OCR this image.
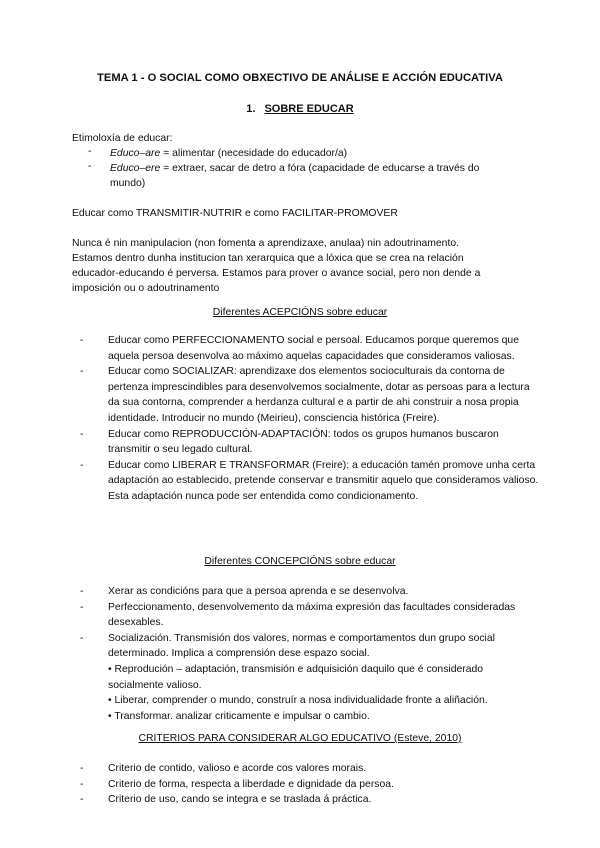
TEMA 1 - O SOCIAL COMO OBXECTIVO DE ANÁLISE E ACCIÓN EDUCATIVA
1. SOBRE EDUCAR
Etimoloxía de educar:
- Educo–are = alimentar (necesidade do educador/a)
- Educo–ere = extraer, sacar de detro a fóra (capacidade de educarse a través do
mundo)
Educar como TRANSMITIR-NUTRIR e como FACILITAR-PROMOVER
Nunca é nin manipulacion (non fomenta a aprendizaxe, anulaa) nin adoutrinamento.
Estamos dentro dunha institucion tan xerarquica que a lóxica que se crea na relación
educador-educando é perversa. Estamos para prover o avance social, pero non dende a
imposición ou o adoutrinamento
Diferentes ACEPCIÓNS sobre educar
- Educar como PERFECCIONAMENTO social e persoal. Educamos porque queremos que aquela persoa desenvolva ao máximo aquelas capacidades que consideramos valiosas.
- Educar como SOCIALIZAR: aprendizaxe dos elementos socioculturais da contorna de pertenza imprescindibles para desenvolvemos socialmente, dotar as persoas para a lectura da sua contorna, comprender a herdanza cultural e a partir de ahi construir a nosa propia identidade. Introducir no mundo (Meirieu), consciencia histórica (Freire).
- Educar como REPRODUCCIÓN-ADAPTACIÓN: todos os grupos humanos buscaron transmitir o seu legado cultural.
- Educar como LIBERAR E TRANSFORMAR (Freire): a educación tamén promove unha certa adaptación ao establecido, pretende conservar e transmitir aquelo que consideramos valioso. Esta adaptación nunca pode ser entendida como condicionamento.
Diferentes CONCEPCIÓNS sobre educar
- Xerar as condicións para que a persoa aprenda e se desenvolva.
- Perfeccionamento, desenvolvemento da máxima expresión das facultades consideradas desexables.
- Socialización. Transmisión dos valores, normas e comportamentos dun grupo social determinado. Implica a comprensión dese espazo social.
• Reprodución – adaptación, transmisión e adquisición daquilo que é considerado socialmente valioso.
• Liberar, comprender o mundo, construír a nosa individualidade fronte a aliñación.
• Transformar. analizar criticamente e impulsar o cambio.
CRITERIOS PARA CONSIDERAR ALGO EDUCATIVO (Esteve, 2010)
- Criterio de contido, valioso e acorde cos valores morais.
- Criterio de forma, respecta a liberdade e dignidade da persoa.
- Criterio de uso, cando se integra e se traslada á práctica.
